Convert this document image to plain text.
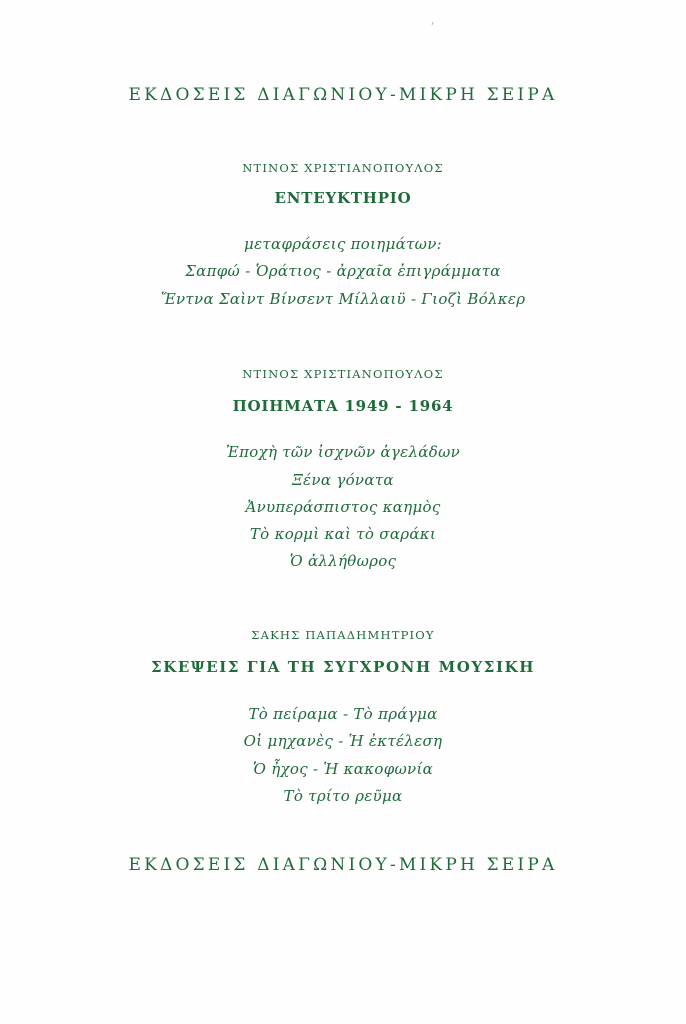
ΕΚΔΟΣΕΙΣ ΔΙΑΓΩΝΙΟΥ-ΜΙΚΡΗ ΣΕΙΡΑ
ΝΤΙΝΟΣ ΧΡΙΣΤΙΑΝΟΠΟΥΛΟΣ
ΕΝΤΕΥΚΤΗΡΙΟ
μεταφράσεις ποιημάτων:
Σαπφώ - Ὁράτιος - ἀρχαῖα ἐπιγράμματα
Ἔντνα Σαὶντ Βίνσεντ Μίλλαιϋ - Γιοζὶ Βόλκερ
ΝΤΙΝΟΣ ΧΡΙΣΤΙΑΝΟΠΟΥΛΟΣ
ΠΟΙΗΜΑΤΑ 1949 - 1964
Ἐποχὴ τῶν ἰσχνῶν ἀγελάδων
Ξένα γόνατα
Ἀνυπεράσπιστος καημὸς
Τὸ κορμὶ καὶ τὸ σαράκι
Ὁ ἀλλήθωρος
ΣΑΚΗΣ ΠΑΠΑΔΗΜΗΤΡΙΟΥ
ΣΚΕΨΕΙΣ ΓΙΑ ΤΗ ΣΥΓΧΡΟΝΗ ΜΟΥΣΙΚΗ
Τὸ πείραμα - Τὸ πράγμα
Οἱ μηχανὲς - Ἡ ἐκτέλεση
Ὁ ἦχος - Ἡ κακοφωνία
Τὸ τρίτο ρεῦμα
ΕΚΔΟΣΕΙΣ ΔΙΑΓΩΝΙΟΥ-ΜΙΚΡΗ ΣΕΙΡΑ
